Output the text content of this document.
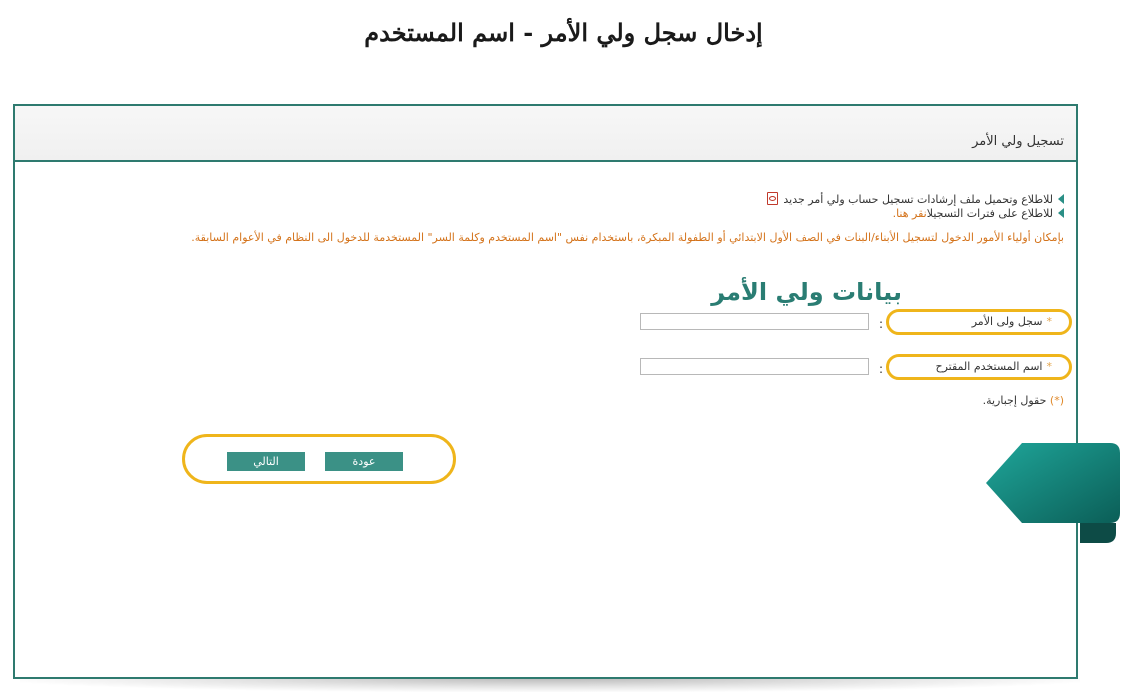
إدخال سجل ولي الأمر - اسم المستخدم
تسجيل ولي الأمر
للاطلاع وتحميل ملف إرشادات تسجيل حساب ولي أمر جديد
للاطلاع على فترات التسجيلانقر هنا.
بإمكان أولياء الأمور الدخول لتسجيل الأبناء/البنات في الصف الأول الابتدائي أو الطفولة المبكرة، باستخدام نفس "اسم المستخدم وكلمة السر" المستخدمة للدخول الى النظام في الأعوام السابقة.
بيانات ولي الأمر
*سجل ولى الأمر
:
*اسم المستخدم المقترح
:
(*) حقول إجبارية.
التالي	عودة
